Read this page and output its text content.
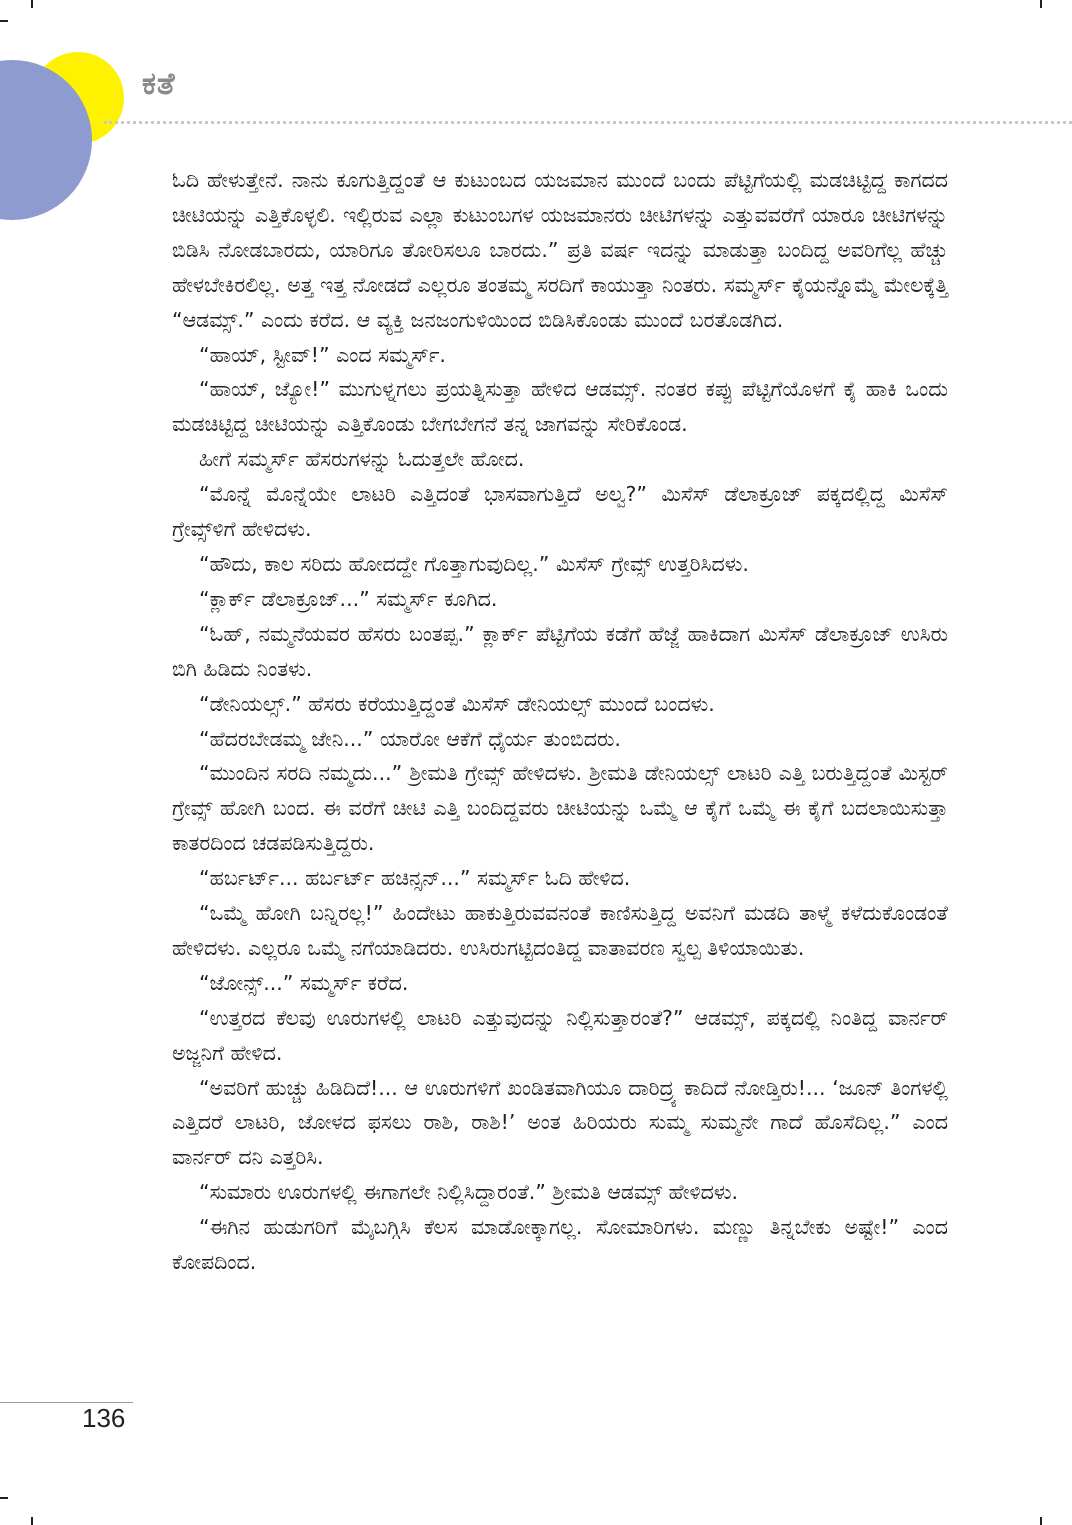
ಕತೆ

ಓದಿ ಹೇಳುತ್ತೇನೆ. ನಾನು ಕೂಗುತ್ತಿದ್ದಂತೆ ಆ ಕುಟುಂಬದ ಯಜಮಾನ ಮುಂದೆ ಬಂದು ಪೆಟ್ಟಿಗೆಯಲ್ಲಿ ಮಡಚಿಟ್ಟಿದ್ದ ಕಾಗದದ ಚೀಟಿಯನ್ನು ಎತ್ತಿಕೊಳ್ಳಲಿ. ಇಲ್ಲಿರುವ ಎಲ್ಲಾ ಕುಟುಂಬಗಳ ಯಜಮಾನರು ಚೀಟಿಗಳನ್ನು ಎತ್ತುವವರೆಗೆ ಯಾರೂ ಚೀಟಿಗಳನ್ನು ಬಿಡಿಸಿ ನೋಡಬಾರದು, ಯಾರಿಗೂ ತೋರಿಸಲೂ ಬಾರದು.” ಪ್ರತಿ ವರ್ಷ ಇದನ್ನು ಮಾಡುತ್ತಾ ಬಂದಿದ್ದ ಅವರಿಗೆಲ್ಲ ಹೆಚ್ಚು ಹೇಳಬೇಕಿರಲಿಲ್ಲ. ಅತ್ತ ಇತ್ತ ನೋಡದೆ ಎಲ್ಲರೂ ತಂತಮ್ಮ ಸರದಿಗೆ ಕಾಯುತ್ತಾ ನಿಂತರು. ಸಮ್ಮರ್ಸ್ ಕೈಯನ್ನೊಮ್ಮೆ ಮೇಲಕ್ಕೆತ್ತಿ “ಆಡಮ್ಸ್.” ಎಂದು ಕರೆದ. ಆ ವ್ಯಕ್ತಿ ಜನಜಂಗುಳಿಯಿಂದ ಬಿಡಿಸಿಕೊಂಡು ಮುಂದೆ ಬರತೊಡಗಿದ.

“ಹಾಯ್, ಸ್ಟೀವ್!” ಎಂದ ಸಮ್ಮರ್ಸ್.

“ಹಾಯ್, ಜ್ಯೋ!” ಮುಗುಳ್ನಗಲು ಪ್ರಯತ್ನಿಸುತ್ತಾ ಹೇಳಿದ ಆಡಮ್ಸ್. ನಂತರ ಕಪ್ಪು ಪೆಟ್ಟಿಗೆಯೊಳಗೆ ಕೈ ಹಾಕಿ ಒಂದು ಮಡಚಿಟ್ಟಿದ್ದ ಚೀಟಿಯನ್ನು ಎತ್ತಿಕೊಂಡು ಬೇಗಬೇಗನೆ ತನ್ನ ಜಾಗವನ್ನು ಸೇರಿಕೊಂಡ.

ಹೀಗೆ ಸಮ್ಮರ್ಸ್ ಹೆಸರುಗಳನ್ನು ಓದುತ್ತಲೇ ಹೋದ.

“ಮೊನ್ನೆ ಮೊನ್ನೆಯೇ ಲಾಟರಿ ಎತ್ತಿದಂತೆ ಭಾಸವಾಗುತ್ತಿದೆ ಅಲ್ವ?” ಮಿಸೆಸ್ ಡೆಲಾಕ್ರೂಜ್ ಪಕ್ಕದಲ್ಲಿದ್ದ ಮಿಸೆಸ್ ಗ್ರೇವ್ಸ್‌ಳಿಗೆ ಹೇಳಿದಳು.

“ಹೌದು, ಕಾಲ ಸರಿದು ಹೋದದ್ದೇ ಗೊತ್ತಾಗುವುದಿಲ್ಲ.” ಮಿಸೆಸ್ ಗ್ರೇವ್ಸ್ ಉತ್ತರಿಸಿದಳು.

“ಕ್ಲಾರ್ಕ್ ಡೆಲಾಕ್ರೂಜ್...” ಸಮ್ಮರ್ಸ್ ಕೂಗಿದ.

“ಓಹ್, ನಮ್ಮನೆಯವರ ಹೆಸರು ಬಂತಪ್ಪ.” ಕ್ಲಾರ್ಕ್ ಪೆಟ್ಟಿಗೆಯ ಕಡೆಗೆ ಹೆಜ್ಜೆ ಹಾಕಿದಾಗ ಮಿಸೆಸ್ ಡೆಲಾಕ್ರೂಜ್ ಉಸಿರು ಬಿಗಿ ಹಿಡಿದು ನಿಂತಳು.

“ಡೇನಿಯಲ್ಸ್.” ಹೆಸರು ಕರೆಯುತ್ತಿದ್ದಂತೆ ಮಿಸೆಸ್ ಡೇನಿಯಲ್ಸ್ ಮುಂದೆ ಬಂದಳು.

“ಹೆದರಬೇಡಮ್ಮ ಜೇನಿ...” ಯಾರೋ ಆಕೆಗೆ ಧೈರ್ಯ ತುಂಬಿದರು.

“ಮುಂದಿನ ಸರದಿ ನಮ್ಮದು...” ಶ್ರೀಮತಿ ಗ್ರೇವ್ಸ್ ಹೇಳಿದಳು. ಶ್ರೀಮತಿ ಡೇನಿಯಲ್ಸ್ ಲಾಟರಿ ಎತ್ತಿ ಬರುತ್ತಿದ್ದಂತೆ ಮಿಸ್ಟರ್ ಗ್ರೇವ್ಸ್ ಹೋಗಿ ಬಂದ. ಈ ವರೆಗೆ ಚೀಟಿ ಎತ್ತಿ ಬಂದಿದ್ದವರು ಚೀಟಿಯನ್ನು ಒಮ್ಮೆ ಆ ಕೈಗೆ ಒಮ್ಮೆ ಈ ಕೈಗೆ ಬದಲಾಯಿಸುತ್ತಾ ಕಾತರದಿಂದ ಚಡಪಡಿಸುತ್ತಿದ್ದರು.

“ಹರ್ಬರ್ಟ್... ಹರ್ಬರ್ಟ್ ಹಚಿನ್ಸನ್...” ಸಮ್ಮರ್ಸ್ ಓದಿ ಹೇಳಿದ.

“ಒಮ್ಮೆ ಹೋಗಿ ಬನ್ನಿರಲ್ಲ!” ಹಿಂದೇಟು ಹಾಕುತ್ತಿರುವವನಂತೆ ಕಾಣಿಸುತ್ತಿದ್ದ ಅವನಿಗೆ ಮಡದಿ ತಾಳ್ಮೆ ಕಳೆದುಕೊಂಡಂತೆ ಹೇಳಿದಳು. ಎಲ್ಲರೂ ಒಮ್ಮೆ ನಗೆಯಾಡಿದರು. ಉಸಿರುಗಟ್ಟಿದಂತಿದ್ದ ವಾತಾವರಣ ಸ್ವಲ್ಪ ತಿಳಿಯಾಯಿತು.

“ಜೋನ್ಸ್...” ಸಮ್ಮರ್ಸ್ ಕರೆದ.

“ಉತ್ತರದ ಕೆಲವು ಊರುಗಳಲ್ಲಿ ಲಾಟರಿ ಎತ್ತುವುದನ್ನು ನಿಲ್ಲಿಸುತ್ತಾರಂತೆ?” ಆಡಮ್ಸ್, ಪಕ್ಕದಲ್ಲಿ ನಿಂತಿದ್ದ ವಾರ್ನರ್ ಅಜ್ಜನಿಗೆ ಹೇಳಿದ.

“ಅವರಿಗೆ ಹುಚ್ಚು ಹಿಡಿದಿದೆ!... ಆ ಊರುಗಳಿಗೆ ಖಂಡಿತವಾಗಿಯೂ ದಾರಿದ್ರ್ಯ ಕಾದಿದೆ ನೋಡ್ತಿರು!... ‘ಜೂನ್ ತಿಂಗಳಲ್ಲಿ ಎತ್ತಿದರೆ ಲಾಟರಿ, ಜೋಳದ ಫಸಲು ರಾಶಿ, ರಾಶಿ!’ ಅಂತ ಹಿರಿಯರು ಸುಮ್ಮ ಸುಮ್ಮನೇ ಗಾದೆ ಹೊಸೆದಿಲ್ಲ.” ಎಂದ ವಾರ್ನರ್ ದನಿ ಎತ್ತರಿಸಿ.

“ಸುಮಾರು ಊರುಗಳಲ್ಲಿ ಈಗಾಗಲೇ ನಿಲ್ಲಿಸಿದ್ದಾರಂತೆ.” ಶ್ರೀಮತಿ ಆಡಮ್ಸ್ ಹೇಳಿದಳು.

“ಈಗಿನ ಹುಡುಗರಿಗೆ ಮೈಬಗ್ಗಿಸಿ ಕೆಲಸ ಮಾಡೋಕ್ಕಾಗಲ್ಲ. ಸೋಮಾರಿಗಳು. ಮಣ್ಣು ತಿನ್ನಬೇಕು ಅಷ್ಟೇ!” ಎಂದ ಕೋಪದಿಂದ.

136
